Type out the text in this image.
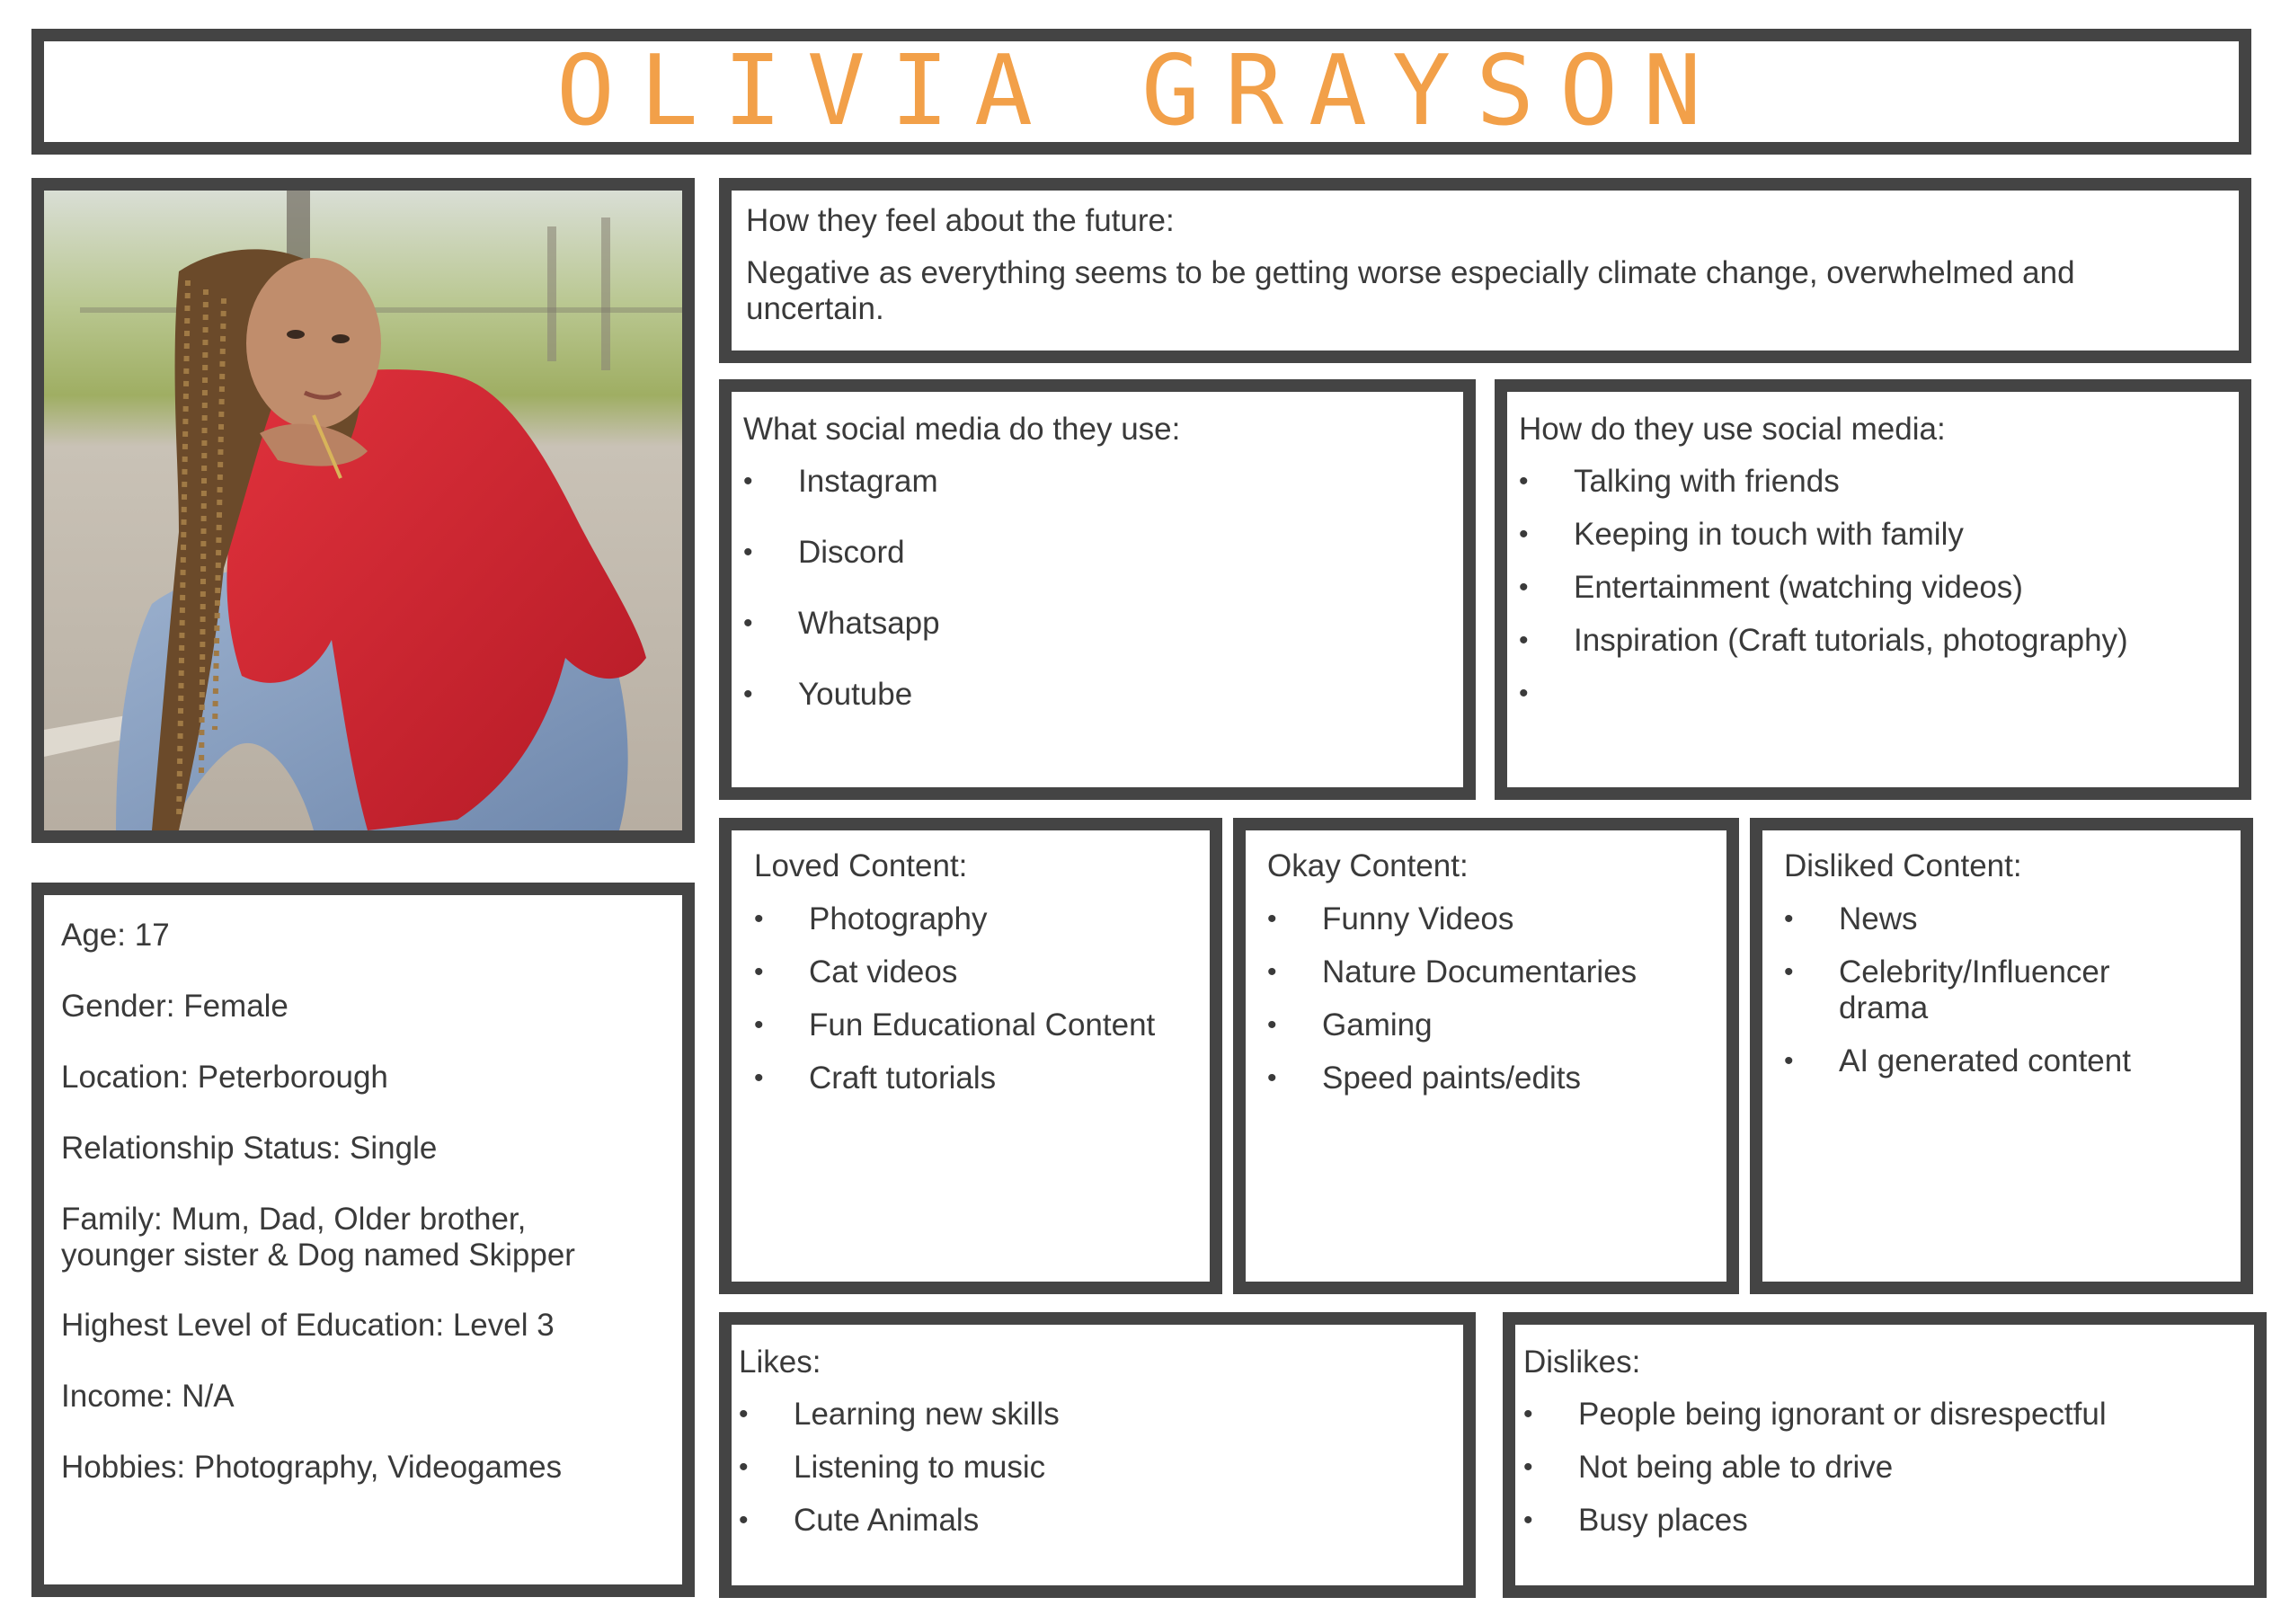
OLIVIA GRAYSON
Age: 17
Gender: Female
Location: Peterborough
Relationship Status: Single
Family: Mum, Dad, Older brother, younger sister & Dog named Skipper
Highest Level of Education: Level 3
Income: N/A
Hobbies: Photography, Videogames
How they feel about the future:
Negative as everything seems to be getting worse especially climate change, overwhelmed and uncertain.
What social media do they use:
•	Instagram
•	Discord
•	Whatsapp
•	Youtube
How do they use social media:
•	Talking with friends
•	Keeping in touch with family
•	Entertainment (watching videos)
•	Inspiration (Craft tutorials, photography)
•
Loved Content:
•	Photography
•	Cat videos
•	Fun Educational Content
•	Craft tutorials
Okay Content:
•	Funny Videos
•	Nature Documentaries
•	Gaming
•	Speed paints/edits
Disliked Content:
•	News
•	Celebrity/Influencer drama
•	AI generated content
Likes:
•	Learning new skills
•	Listening to music
•	Cute Animals
Dislikes:
•	People being ignorant or disrespectful
•	Not being able to drive
•	Busy places
